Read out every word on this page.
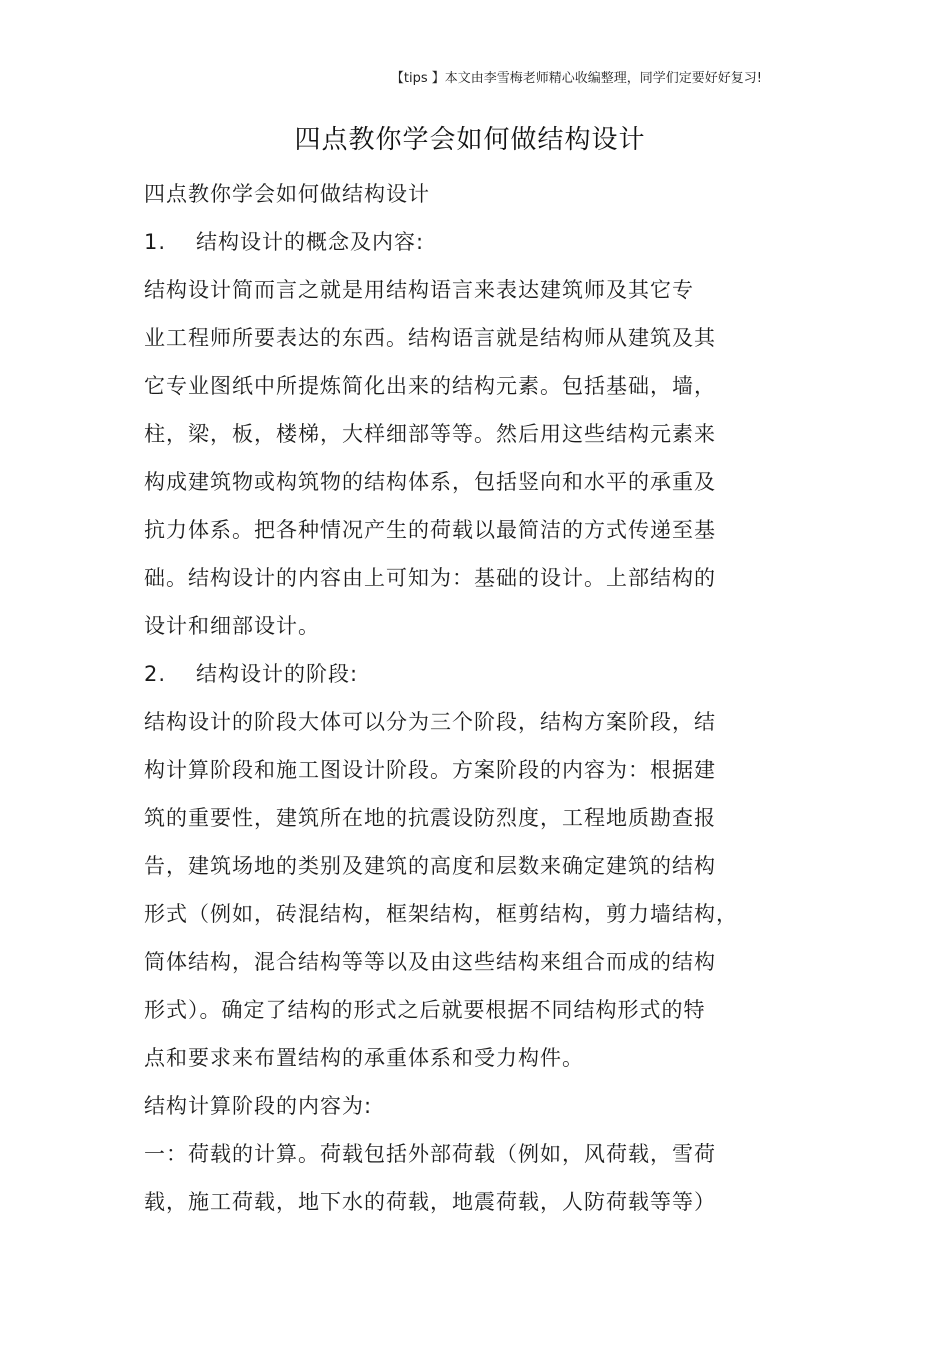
【tips 】本文由李雪梅老师精心收编整理，同学们定要好好复习!
四点教你学会如何做结构设计
四点教你学会如何做结构设计
1. 结构设计的概念及内容:
结构设计简而言之就是用结构语言来表达建筑师及其它专
业工程师所要表达的东西。结构语言就是结构师从建筑及其
它专业图纸中所提炼简化出来的结构元素。包括基础，墙，
柱，梁，板，楼梯，大样细部等等。然后用这些结构元素来
构成建筑物或构筑物的结构体系，包括竖向和水平的承重及
抗力体系。把各种情况产生的荷载以最简洁的方式传递至基
础。结构设计的内容由上可知为：基础的设计。上部结构的
设计和细部设计。
2. 结构设计的阶段:
结构设计的阶段大体可以分为三个阶段，结构方案阶段，结
构计算阶段和施工图设计阶段。方案阶段的内容为：根据建
筑的重要性，建筑所在地的抗震设防烈度，工程地质勘查报
告，建筑场地的类别及建筑的高度和层数来确定建筑的结构
形式（例如，砖混结构，框架结构，框剪结构，剪力墙结构，
筒体结构，混合结构等等以及由这些结构来组合而成的结构
形式）。确定了结构的形式之后就要根据不同结构形式的特
点和要求来布置结构的承重体系和受力构件。
结构计算阶段的内容为:
一：荷载的计算。荷载包括外部荷载（例如，风荷载，雪荷
载，施工荷载，地下水的荷载，地震荷载，人防荷载等等）
